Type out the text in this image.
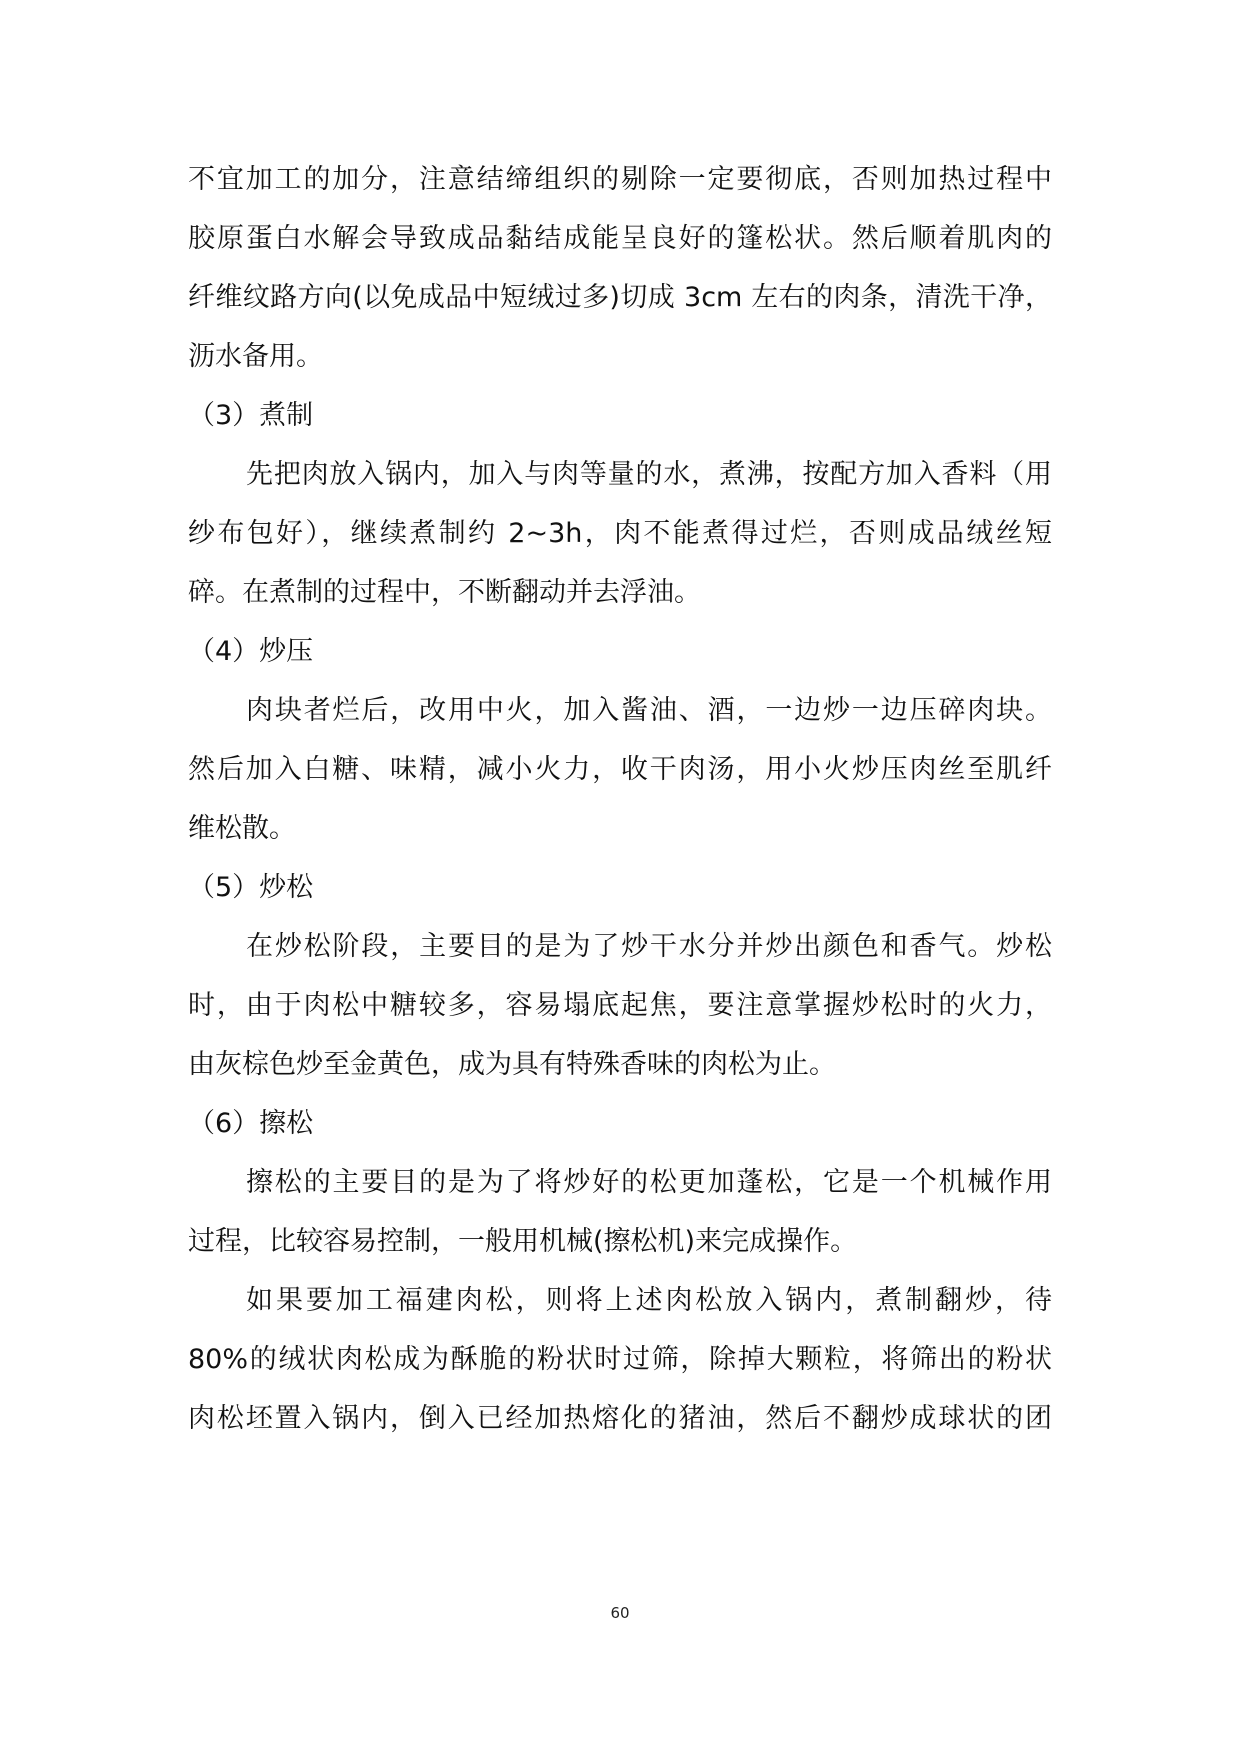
不宜加工的加分，注意结缔组织的剔除一定要彻底，否则加热过程中
胶原蛋白水解会导致成品黏结成能呈良好的篷松状。然后顺着肌肉的
纤维纹路方向(以免成品中短绒过多)切成 3cm 左右的肉条，清洗干净，
沥水备用。
（3）煮制
先把肉放入锅内，加入与肉等量的水，煮沸，按配方加入香料（用
纱布包好），继续煮制约 2~3h，肉不能煮得过烂，否则成品绒丝短
碎。在煮制的过程中，不断翻动并去浮油。
（4）炒压
肉块者烂后，改用中火，加入酱油、酒，一边炒一边压碎肉块。
然后加入白糖、味精，减小火力，收干肉汤，用小火炒压肉丝至肌纤
维松散。
（5）炒松
在炒松阶段，主要目的是为了炒干水分并炒出颜色和香气。炒松
时，由于肉松中糖较多，容易塌底起焦，要注意掌握炒松时的火力，
由灰棕色炒至金黄色，成为具有特殊香味的肉松为止。
（6）擦松
擦松的主要目的是为了将炒好的松更加蓬松，它是一个机械作用
过程，比较容易控制，一般用机械(擦松机)来完成操作。
如果要加工福建肉松，则将上述肉松放入锅内，煮制翻炒，待
80%的绒状肉松成为酥脆的粉状时过筛，除掉大颗粒，将筛出的粉状
肉松坯置入锅内，倒入已经加热熔化的猪油，然后不翻炒成球状的团
60
